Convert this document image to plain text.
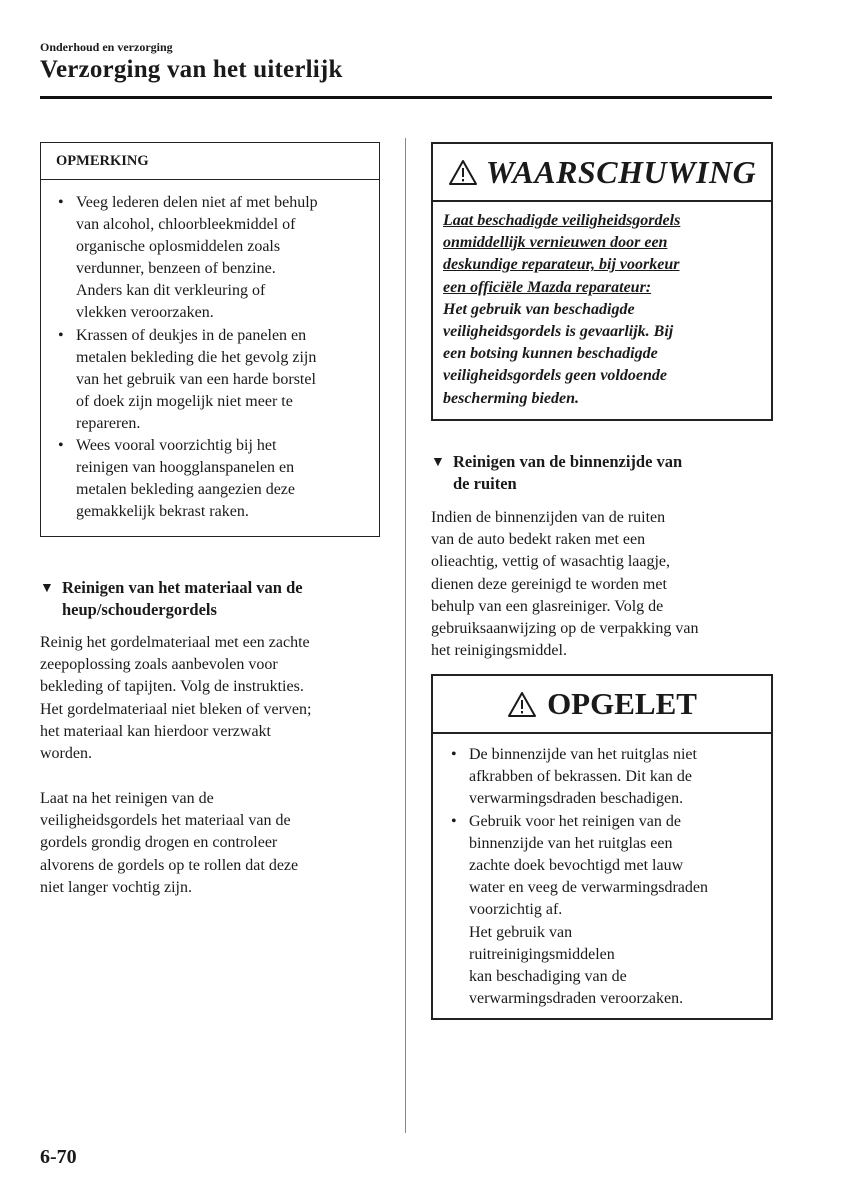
Onderhoud en verzorging
Verzorging van het uiterlijk
OPMERKING
• Veeg lederen delen niet af met behulp
van alcohol, chloorbleekmiddel of
organische oplosmiddelen zoals
verdunner, benzeen of benzine.
Anders kan dit verkleuring of
vlekken veroorzaken.
• Krassen of deukjes in de panelen en
metalen bekleding die het gevolg zijn
van het gebruik van een harde borstel
of doek zijn mogelijk niet meer te
repareren.
• Wees vooral voorzichtig bij het
reinigen van hoogglanspanelen en
metalen bekleding aangezien deze
gemakkelijk bekrast raken.
▼ Reinigen van het materiaal van de
heup/schoudergordels

Reinig het gordelmateriaal met een zachte
zeepoplossing zoals aanbevolen voor
bekleding of tapijten. Volg de instrukties.
Het gordelmateriaal niet bleken of verven;
het materiaal kan hierdoor verzwakt
worden.

Laat na het reinigen van de
veiligheidsgordels het materiaal van de
gordels grondig drogen en controleer
alvorens de gordels op te rollen dat deze
niet langer vochtig zijn.

WAARSCHUWING
Laat beschadigde veiligheidsgordels
onmiddellijk vernieuwen door een
deskundige reparateur, bij voorkeur
een officiële Mazda reparateur:
Het gebruik van beschadigde
veiligheidsgordels is gevaarlijk. Bij
een botsing kunnen beschadigde
veiligheidsgordels geen voldoende
bescherming bieden.
▼ Reinigen van de binnenzijde van
de ruiten

Indien de binnenzijden van de ruiten
van de auto bedekt raken met een
olieachtig, vettig of wasachtig laagje,
dienen deze gereinigd te worden met
behulp van een glasreiniger. Volg de
gebruiksaanwijzing op de verpakking van
het reinigingsmiddel.

OPGELET
• De binnenzijde van het ruitglas niet
afkrabben of bekrassen. Dit kan de
verwarmingsdraden beschadigen.
• Gebruik voor het reinigen van de
binnenzijde van het ruitglas een
zachte doek bevochtigd met lauw
water en veeg de verwarmingsdraden
voorzichtig af.
Het gebruik van
ruitreinigingsmiddelen
kan beschadiging van de
verwarmingsdraden veroorzaken.
6-70
